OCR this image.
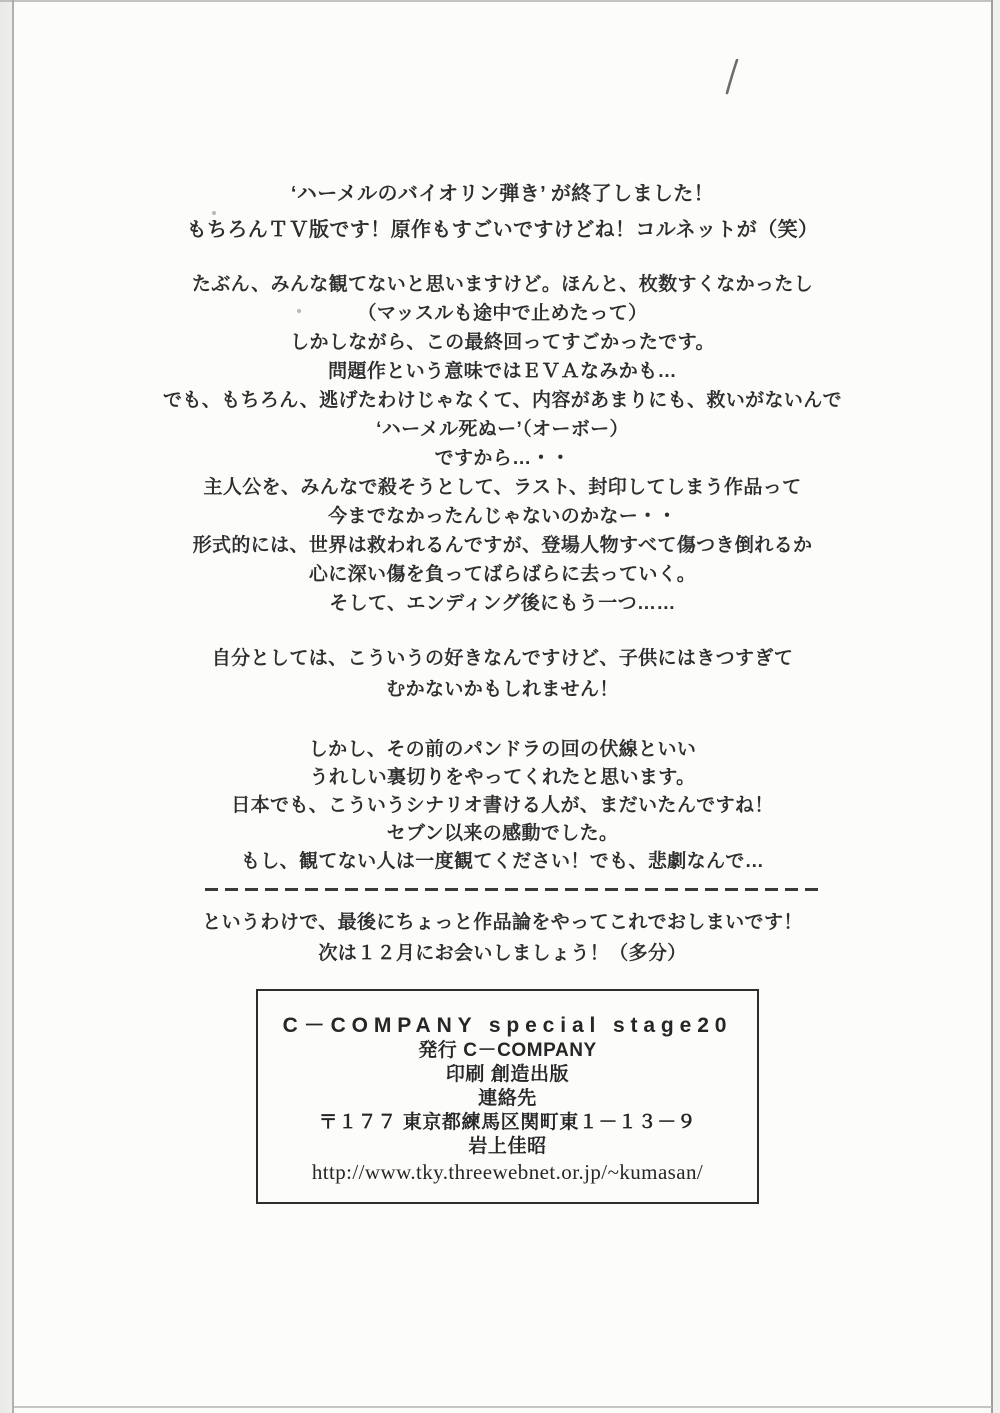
‘ハーメルのバイオリン弾き’ が終了しました！
もちろんＴＶ版です！原作もすごいですけどね！コルネットが（笑）
たぶん、みんな観てないと思いますけど。ほんと、枚数すくなかったし
（マッスルも途中で止めたって）
しかしながら、この最終回ってすごかったです。
問題作という意味ではＥＶＡなみかも…
でも、もちろん、逃げたわけじゃなくて、内容があまりにも、救いがないんで
‘ハーメル死ぬー’（オーボー）
ですから…・・
主人公を、みんなで殺そうとして、ラスト、封印してしまう作品って
今までなかったんじゃないのかなー・・
形式的には、世界は救われるんですが、登場人物すべて傷つき倒れるか
心に深い傷を負ってばらばらに去っていく。
そして、エンディング後にもう一つ……
自分としては、こういうの好きなんですけど、子供にはきつすぎて
むかないかもしれません！
しかし、その前のパンドラの回の伏線といい
うれしい裏切りをやってくれたと思います。
日本でも、こういうシナリオ書ける人が、まだいたんですね！
セブン以来の感動でした。
もし、観てない人は一度観てください！でも、悲劇なんで…
というわけで、最後にちょっと作品論をやってこれでおしまいです！
次は１２月にお会いしましょう！（多分）
C－COMPANY special stage20
発行 C－COMPANY
印刷 創造出版
連絡先
〒１７７ 東京都練馬区関町東１－１３－９
岩上佳昭
http://www.tky.threewebnet.or.jp/~kumasan/
